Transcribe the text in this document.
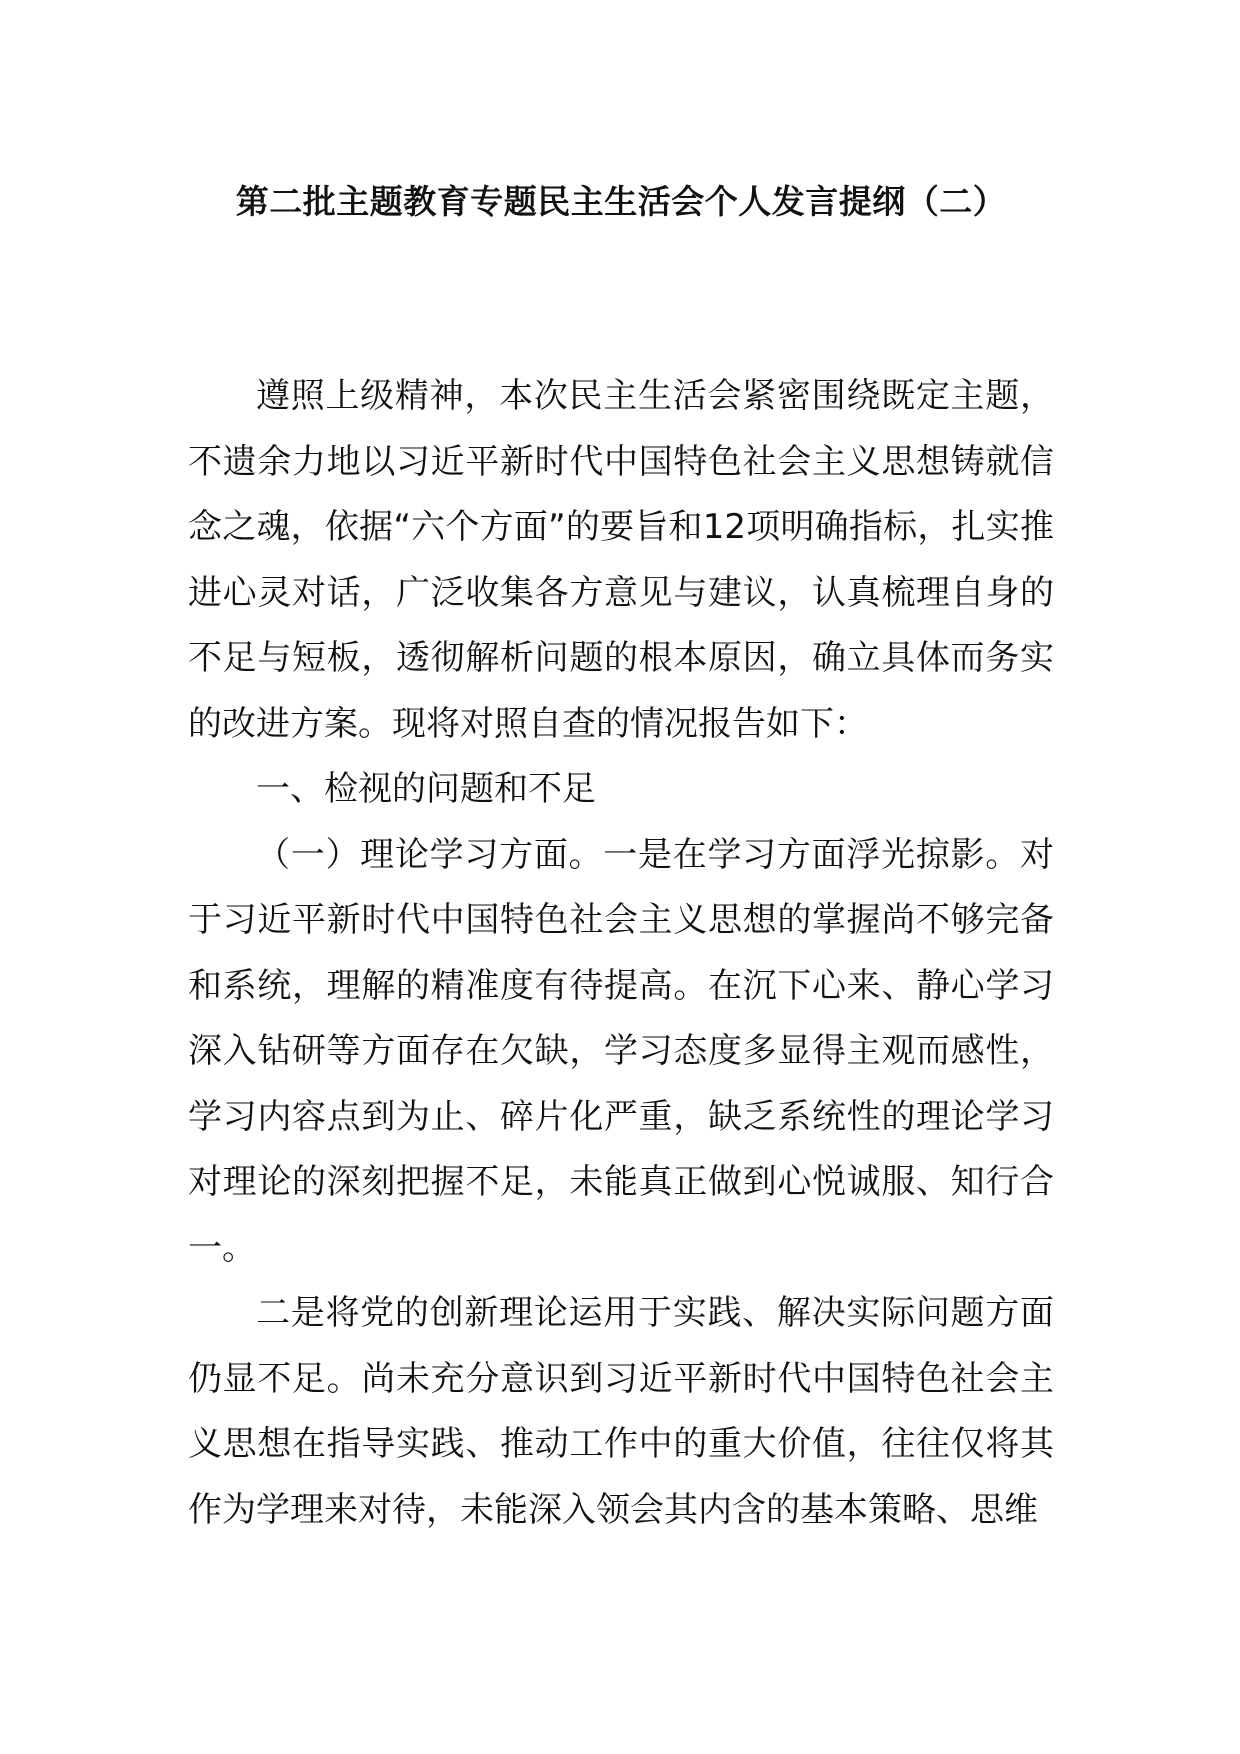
第二批主题教育专题民主生活会个人发言提纲（二）

遵照上级精神，本次民主生活会紧密围绕既定主题，不遗余力地以习近平新时代中国特色社会主义思想铸就信念之魂，依据“六个方面”的要旨和12项明确指标，扎实推进心灵对话，广泛收集各方意见与建议，认真梳理自身的不足与短板，透彻解析问题的根本原因，确立具体而务实的改进方案。现将对照自查的情况报告如下：

一、检视的问题和不足

（一）理论学习方面。一是在学习方面浮光掠影。对于习近平新时代中国特色社会主义思想的掌握尚不够完备和系统，理解的精准度有待提高。在沉下心来、静心学习深入钻研等方面存在欠缺，学习态度多显得主观而感性，学习内容点到为止、碎片化严重，缺乏系统性的理论学习对理论的深刻把握不足，未能真正做到心悦诚服、知行合一。

二是将党的创新理论运用于实践、解决实际问题方面仍显不足。尚未充分意识到习近平新时代中国特色社会主义思想在指导实践、推动工作中的重大价值，往往仅将其作为学理来对待，未能深入领会其内含的基本策略、思维
